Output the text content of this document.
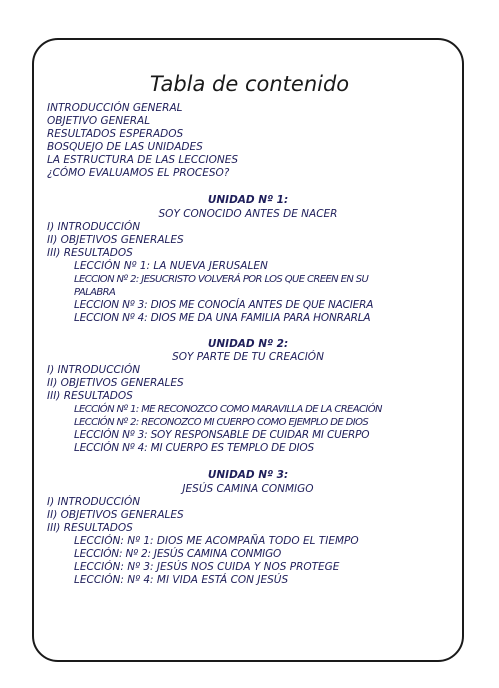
Tabla de contenido
INTRODUCCIÓN GENERAL
OBJETIVO GENERAL
RESULTADOS ESPERADOS
BOSQUEJO DE LAS UNIDADES
LA ESTRUCTURA DE LAS LECCIONES
¿CÓMO EVALUAMOS EL PROCESO?
UNIDAD Nº 1:
SOY CONOCIDO ANTES DE NACER
I) INTRODUCCIÓN
II) OBJETIVOS GENERALES
III) RESULTADOS
LECCIÓN Nº 1: LA NUEVA JERUSALEN
LECCION Nº 2: JESUCRISTO VOLVERÁ POR LOS QUE CREEN EN SU
PALABRA
LECCION Nº 3: DIOS ME CONOCÍA ANTES DE QUE NACIERA
LECCION Nº 4: DIOS ME DA UNA FAMILIA PARA HONRARLA
UNIDAD Nº 2:
SOY PARTE DE TU CREACIÓN
I) INTRODUCCIÓN
II) OBJETIVOS GENERALES
III) RESULTADOS
LECCIÓN Nº 1: ME RECONOZCO COMO MARAVILLA DE LA CREACIÓN
LECCIÓN Nº 2: RECONOZCO MI CUERPO COMO EJEMPLO DE DIOS
LECCIÓN Nº 3: SOY RESPONSABLE DE CUIDAR MI CUERPO
LECCIÓN Nº 4: MI CUERPO ES TEMPLO DE DIOS
UNIDAD Nº 3:
JESÚS CAMINA CONMIGO
I) INTRODUCCIÓN
II) OBJETIVOS GENERALES
III) RESULTADOS
LECCIÓN: Nº 1: DIOS ME ACOMPAÑA TODO EL TIEMPO
LECCIÓN: Nº 2: JESÚS CAMINA CONMIGO
LECCIÓN: Nº 3: JESÚS NOS CUIDA Y NOS PROTEGE
LECCIÓN: Nº 4: MI VIDA ESTÁ CON JESÚS
